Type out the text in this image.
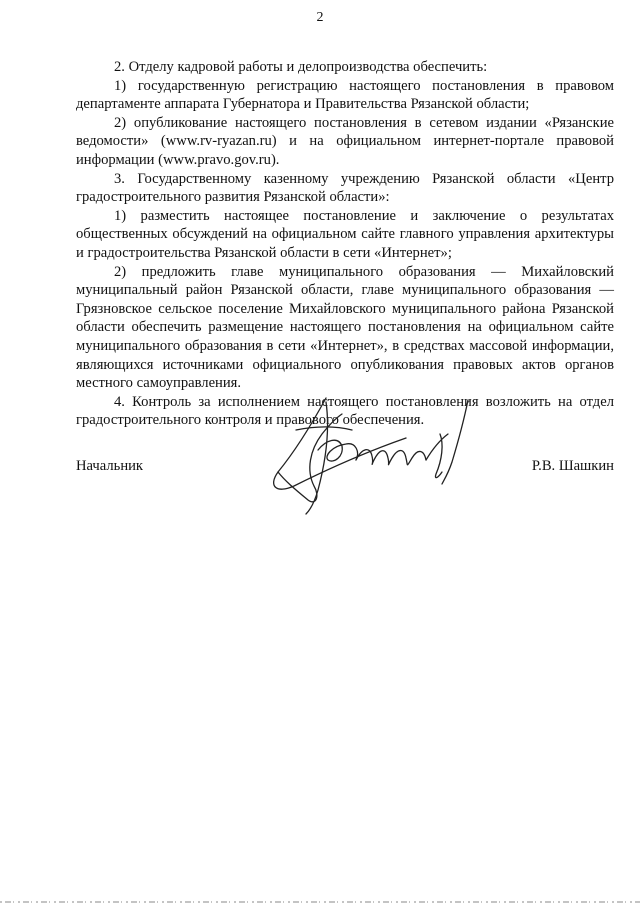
2

2. Отделу кадровой работы и делопроизводства обеспечить:

1) государственную регистрацию настоящего постановления в правовом департаменте аппарата Губернатора и Правительства Рязанской области;

2) опубликование настоящего постановления в сетевом издании «Рязанские ведомости» (www.rv-ryazan.ru) и на официальном интернет-портале правовой информации (www.pravo.gov.ru).

3. Государственному казенному учреждению Рязанской области «Центр градостроительного развития Рязанской области»:

1) разместить настоящее постановление и заключение о результатах общественных обсуждений на официальном сайте главного управления архитектуры и градостроительства Рязанской области в сети «Интернет»;

2) предложить главе муниципального образования — Михайловский муниципальный район Рязанской области, главе муниципального образования — Грязновское сельское поселение Михайловского муниципального района Рязанской области обеспечить размещение настоящего постановления на официальном сайте муниципального образования в сети «Интернет», в средствах массовой информации, являющихся источниками официального опубликования правовых актов органов местного самоуправления.

4. Контроль за исполнением настоящего постановления возложить на отдел градостроительного контроля и правового обеспечения.

Начальник	Р.В. Шашкин
